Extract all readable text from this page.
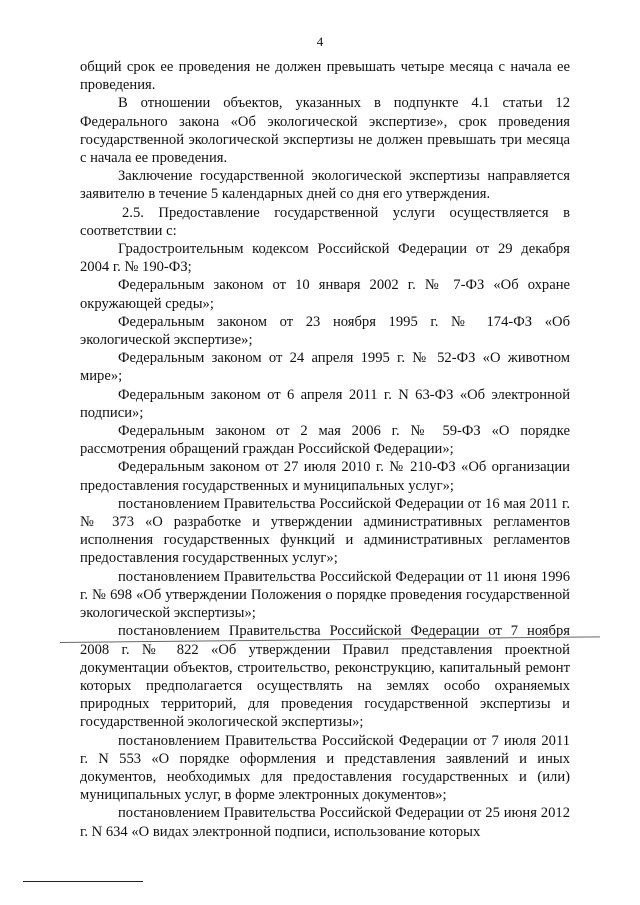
4

общий срок ее проведения не должен превышать четыре месяца с начала ее проведения.

В отношении объектов, указанных в подпункте 4.1 статьи 12 Федерального закона «Об экологической экспертизе», срок проведения государственной экологической экспертизы не должен превышать три месяца с начала ее проведения.

Заключение государственной экологической экспертизы направляется заявителю в течение 5 календарных дней со дня его утверждения.

2.5. Предоставление государственной услуги осуществляется в соответствии с:

Градостроительным кодексом Российской Федерации от 29 декабря 2004 г. № 190-ФЗ;

Федеральным законом от 10 января 2002 г. № 7-ФЗ «Об охране окружающей среды»;

Федеральным законом от 23 ноября 1995 г. № 174-ФЗ «Об экологической экспертизе»;

Федеральным законом от 24 апреля 1995 г. № 52-ФЗ «О животном мире»;

Федеральным законом от 6 апреля 2011 г. N 63-ФЗ «Об электронной подписи»;

Федеральным законом от 2 мая 2006 г. № 59-ФЗ «О порядке рассмотрения обращений граждан Российской Федерации»;

Федеральным законом от 27 июля 2010 г. № 210-ФЗ «Об организации предоставления государственных и муниципальных услуг»;

постановлением Правительства Российской Федерации от 16 мая 2011 г. № 373 «О разработке и утверждении административных регламентов исполнения государственных функций и административных регламентов предоставления государственных услуг»;

постановлением Правительства Российской Федерации от 11 июня 1996 г. № 698 «Об утверждении Положения о порядке проведения государственной экологической экспертизы»;

постановлением Правительства Российской Федерации от 7 ноября 2008 г. № 822 «Об утверждении Правил представления проектной документации объектов, строительство, реконструкцию, капитальный ремонт которых предполагается осуществлять на землях особо охраняемых природных территорий, для проведения государственной экспертизы и государственной экологической экспертизы»;

постановлением Правительства Российской Федерации от 7 июля 2011 г. N 553 «О порядке оформления и представления заявлений и иных документов, необходимых для предоставления государственных и (или) муниципальных услуг, в форме электронных документов»;

постановлением Правительства Российской Федерации от 25 июня 2012 г. N 634 «О видах электронной подписи, использование которых
